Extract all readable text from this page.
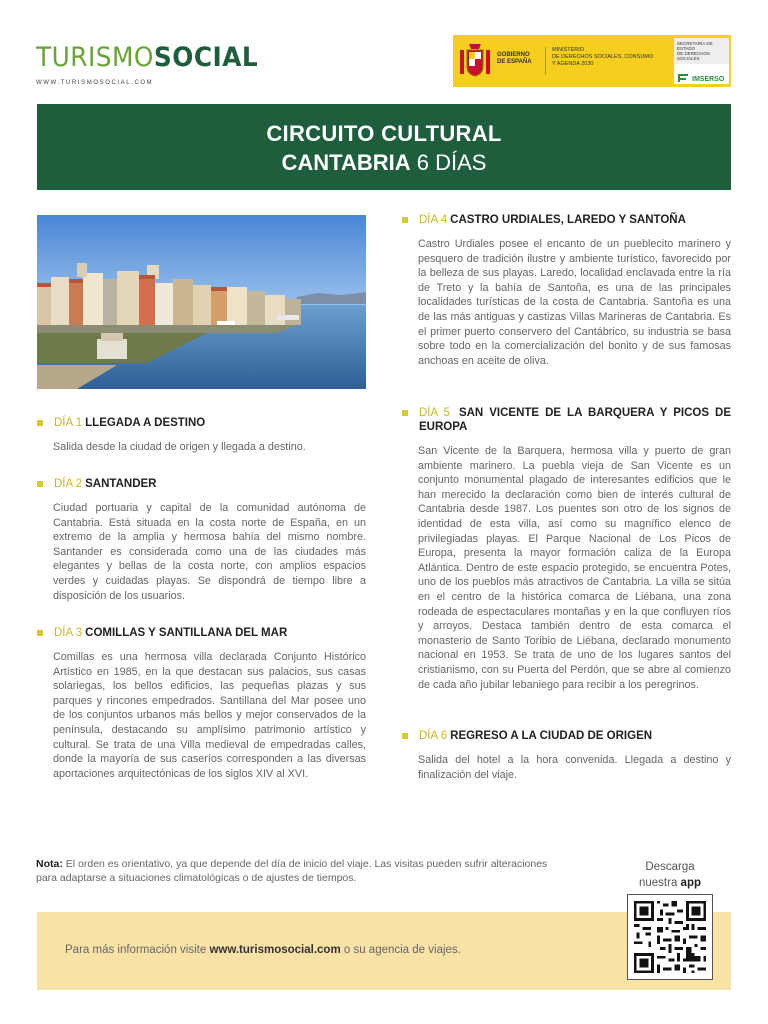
TURISMOSOCIAL
WWW.TURISMOSOCIAL.COM
GOBIERNO
DE ESPAÑA
MINISTERIO
DE DERECHOS SOCIALES, CONSUMO
Y AGENDA 2030
SECRETARÍA DE ESTADO
DE DERECHOS SOCIALES
IMSERSO
CIRCUITO CULTURAL
CANTABRIA 6 DÍAS
DÍA 1 LLEGADA A DESTINO
Salida desde la ciudad de origen y llegada a destino.
DÍA 2 SANTANDER
Ciudad portuaria y capital de la comunidad autónoma de Cantabria. Está situada en la costa norte de España, en un extremo de la amplia y hermosa bahía del mismo nombre. Santander es considerada como una de las ciudades más elegantes y bellas de la costa norte, con amplios espacios verdes y cuidadas playas. Se dispondrá de tiempo libre a disposición de los usuarios.
DÍA 3 COMILLAS Y SANTILLANA DEL MAR
Comillas es una hermosa villa declarada Conjunto Histórico Artístico en 1985, en la que destacan sus palacios, sus casas solariegas, los bellos edificios, las pequeñas plazas y sus parques y rincones empedrados. Santillana del Mar posee uno de los conjuntos urbanos más bellos y mejor conservados de la península, destacando su amplísimo patrimonio artístico y cultural. Se trata de una Villa medieval de empedradas calles, donde la mayoría de sus caseríos corresponden a las diversas aportaciones arquitectónicas de los siglos XIV al XVI.
DÍA 4 CASTRO URDIALES, LAREDO Y SANTOÑA
Castro Urdiales posee el encanto de un pueblecito marinero y pesquero de tradición ilustre y ambiente turístico, favorecido por la belleza de sus playas. Laredo, localidad enclavada entre la ría de Treto y la bahía de Santoña, es una de las principales localidades turísticas de la costa de Cantabria. Santoña es una de las más antiguas y castizas Villas Marineras de Cantabria. Es el primer puerto conservero del Cantábrico, su industria se basa sobre todo en la comercialización del bonito y de sus famosas anchoas en aceite de oliva.
DÍA 5 SAN VICENTE DE LA BARQUERA Y PICOS DE EUROPA
San Vicente de la Barquera, hermosa villa y puerto de gran ambiente marinero. La puebla vieja de San Vicente es un conjunto monumental plagado de interesantes edificios que le han merecido la declaración como bien de interés cultural de Cantabria desde 1987. Los puentes son otro de los signos de identidad de esta villa, así como su magnífico elenco de privilegiadas playas. El Parque Nacional de Los Picos de Europa, presenta la mayor formación caliza de la Europa Atlántica. Dentro de este espacio protegido, se encuentra Potes, uno de los pueblos más atractivos de Cantabria. La villa se sitúa en el centro de la histórica comarca de Liébana, una zona rodeada de espectaculares montañas y en la que confluyen ríos y arroyos. Destaca también dentro de esta comarca el monasterio de Santo Toribio de Liébana, declarado monumento nacional en 1953. Se trata de uno de los lugares santos del cristianismo, con su Puerta del Perdón, que se abre al comienzo de cada año jubilar lebaniego para recibir a los peregrinos.
DÍA 6 REGRESO A LA CIUDAD DE ORIGEN
Salida del hotel a la hora convenida. Llegada a destino y finalización del viaje.
Nota: El orden es orientativo, ya que depende del día de inicio del viaje. Las visitas pueden sufrir alteraciones para adaptarse a situaciones climatológicas o de ajustes de tiempos.
Para más información visite www.turismosocial.com o su agencia de viajes.
Descarga
nuestra app
